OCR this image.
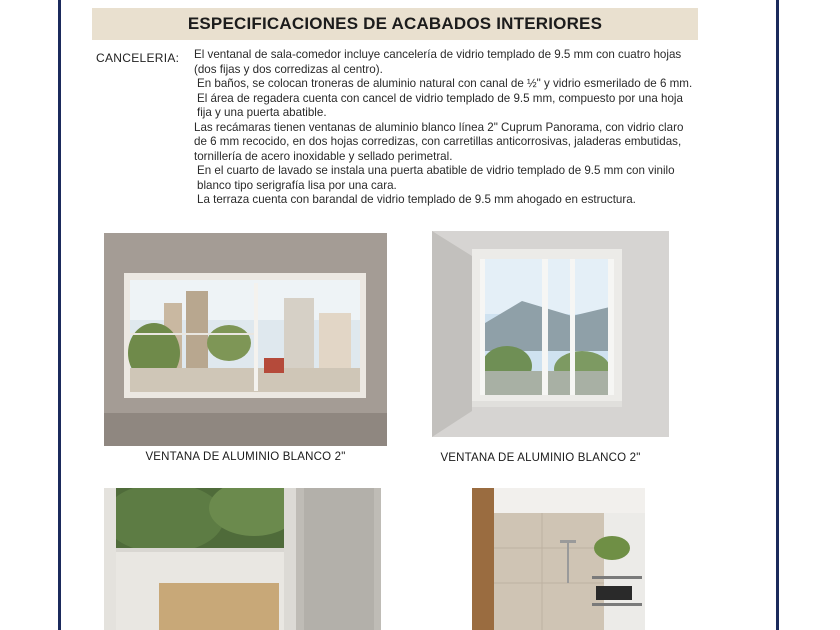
ESPECIFICACIONES DE ACABADOS INTERIORES
CANCELERIA: El ventanal de sala-comedor incluye cancelería de vidrio templado de 9.5 mm con cuatro hojas (dos fijas y dos corredizas al centro).

En baños, se colocan troneras de aluminio natural con canal de ½" y vidrio esmerilado de 6 mm.

El área de regadera cuenta con cancel de vidrio templado de 9.5 mm, compuesto por una hoja fija y una puerta abatible.

Las recámaras tienen ventanas de aluminio blanco línea 2" Cuprum Panorama, con vidrio claro de 6 mm recocido, en dos hojas corredizas, con carretillas anticorrosivas, jaladeras embutidas, tornillería de acero inoxidable y sellado perimetral.

En el cuarto de lavado se instala una puerta abatible de vidrio templado de 9.5 mm con vinilo blanco tipo serigrafía lisa por una cara.

La terraza cuenta con barandal de vidrio templado de 9.5 mm ahogado en estructura.

VENTANA DE ALUMINIO BLANCO 2"	VENTANA DE ALUMINIO BLANCO 2"
